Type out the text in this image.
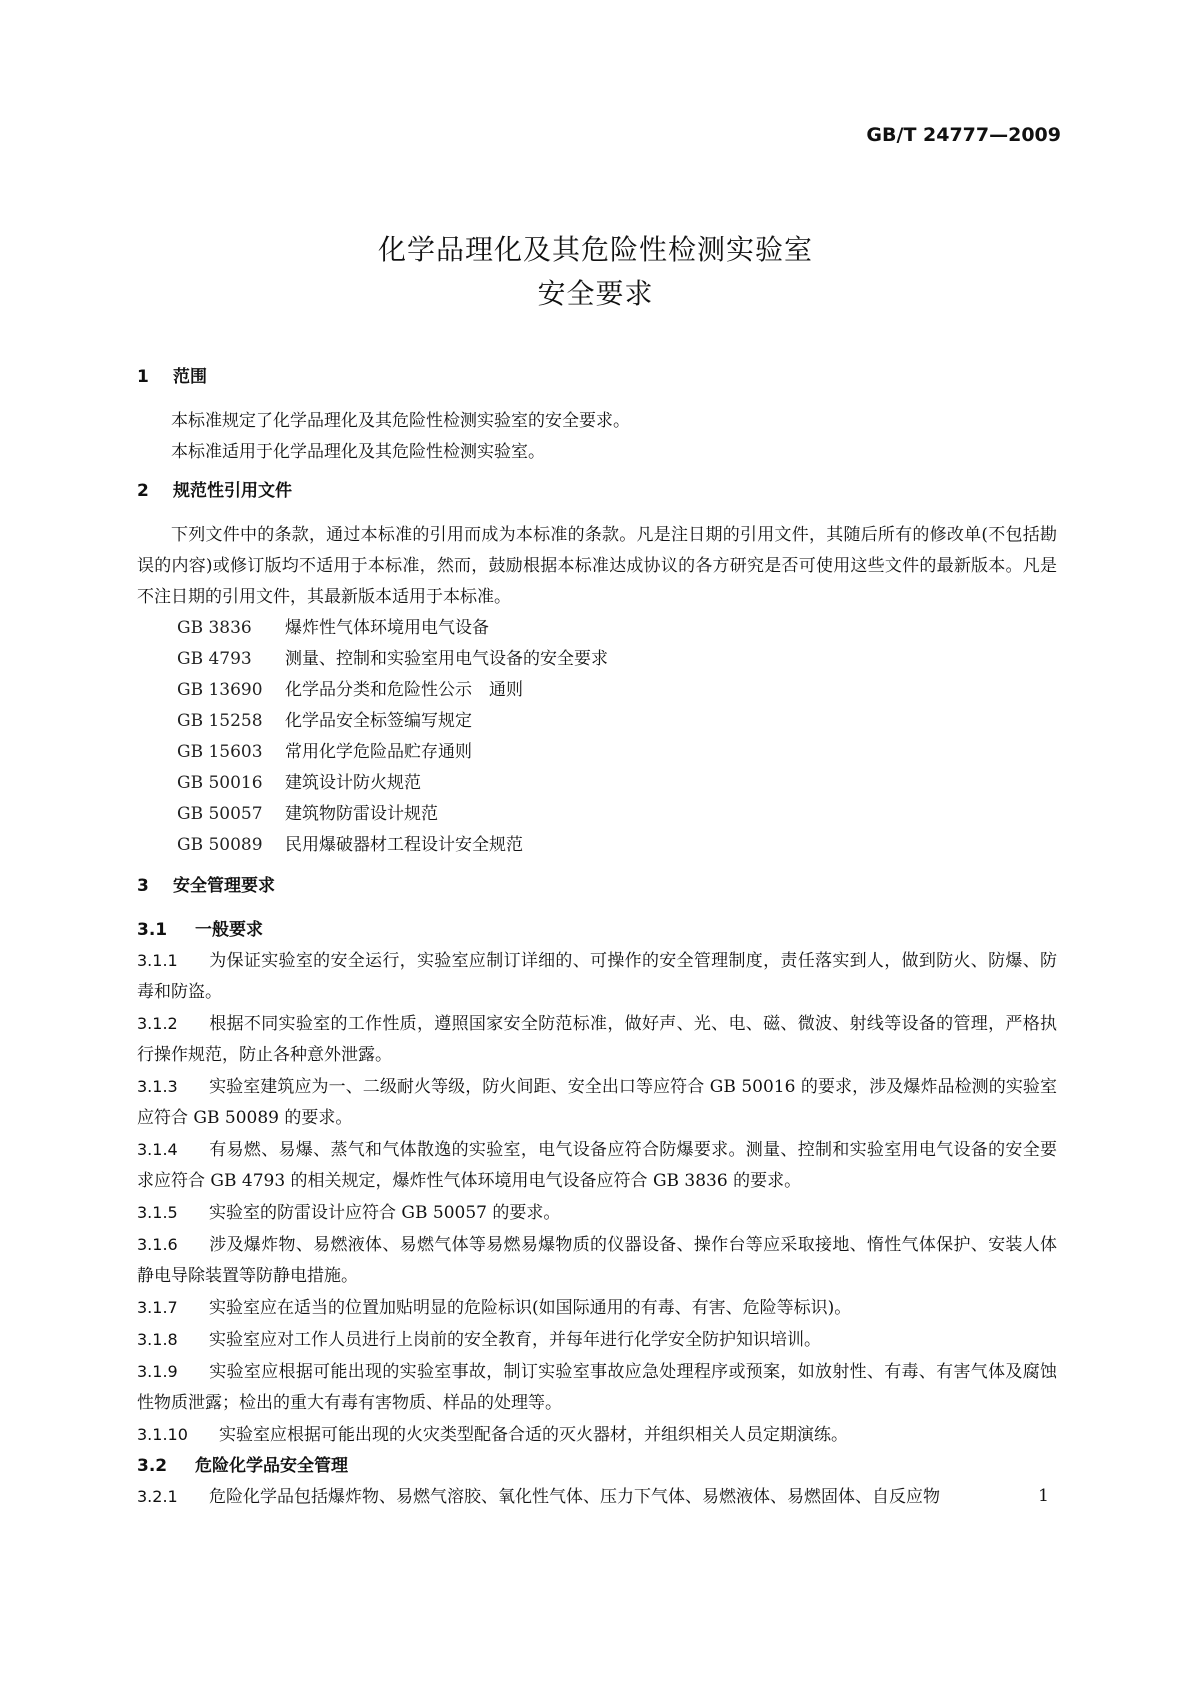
GB/T 24777—2009
化学品理化及其危险性检测实验室
安全要求
1 范围
本标准规定了化学品理化及其危险性检测实验室的安全要求。
本标准适用于化学品理化及其危险性检测实验室。
2 规范性引用文件
下列文件中的条款，通过本标准的引用而成为本标准的条款。凡是注日期的引用文件，其随后所有的修改单(不包括勘误的内容)或修订版均不适用于本标准，然而，鼓励根据本标准达成协议的各方研究是否可使用这些文件的最新版本。凡是不注日期的引用文件，其最新版本适用于本标准。
GB 3836 爆炸性气体环境用电气设备
GB 4793 测量、控制和实验室用电气设备的安全要求
GB 13690 化学品分类和危险性公示　通则
GB 15258 化学品安全标签编写规定
GB 15603 常用化学危险品贮存通则
GB 50016 建筑设计防火规范
GB 50057 建筑物防雷设计规范
GB 50089 民用爆破器材工程设计安全规范
3 安全管理要求
3.1 一般要求
3.1.1 为保证实验室的安全运行，实验室应制订详细的、可操作的安全管理制度，责任落实到人，做到防火、防爆、防毒和防盗。
3.1.2 根据不同实验室的工作性质，遵照国家安全防范标准，做好声、光、电、磁、微波、射线等设备的管理，严格执行操作规范，防止各种意外泄露。
3.1.3 实验室建筑应为一、二级耐火等级，防火间距、安全出口等应符合 GB 50016 的要求，涉及爆炸品检测的实验室应符合 GB 50089 的要求。
3.1.4 有易燃、易爆、蒸气和气体散逸的实验室，电气设备应符合防爆要求。测量、控制和实验室用电气设备的安全要求应符合 GB 4793 的相关规定，爆炸性气体环境用电气设备应符合 GB 3836 的要求。
3.1.5 实验室的防雷设计应符合 GB 50057 的要求。
3.1.6 涉及爆炸物、易燃液体、易燃气体等易燃易爆物质的仪器设备、操作台等应采取接地、惰性气体保护、安装人体静电导除装置等防静电措施。
3.1.7 实验室应在适当的位置加贴明显的危险标识(如国际通用的有毒、有害、危险等标识)。
3.1.8 实验室应对工作人员进行上岗前的安全教育，并每年进行化学安全防护知识培训。
3.1.9 实验室应根据可能出现的实验室事故，制订实验室事故应急处理程序或预案，如放射性、有毒、有害气体及腐蚀性物质泄露；检出的重大有毒有害物质、样品的处理等。
3.1.10 实验室应根据可能出现的火灾类型配备合适的灭火器材，并组织相关人员定期演练。
3.2 危险化学品安全管理
3.2.1 危险化学品包括爆炸物、易燃气溶胶、氧化性气体、压力下气体、易燃液体、易燃固体、自反应物	1
